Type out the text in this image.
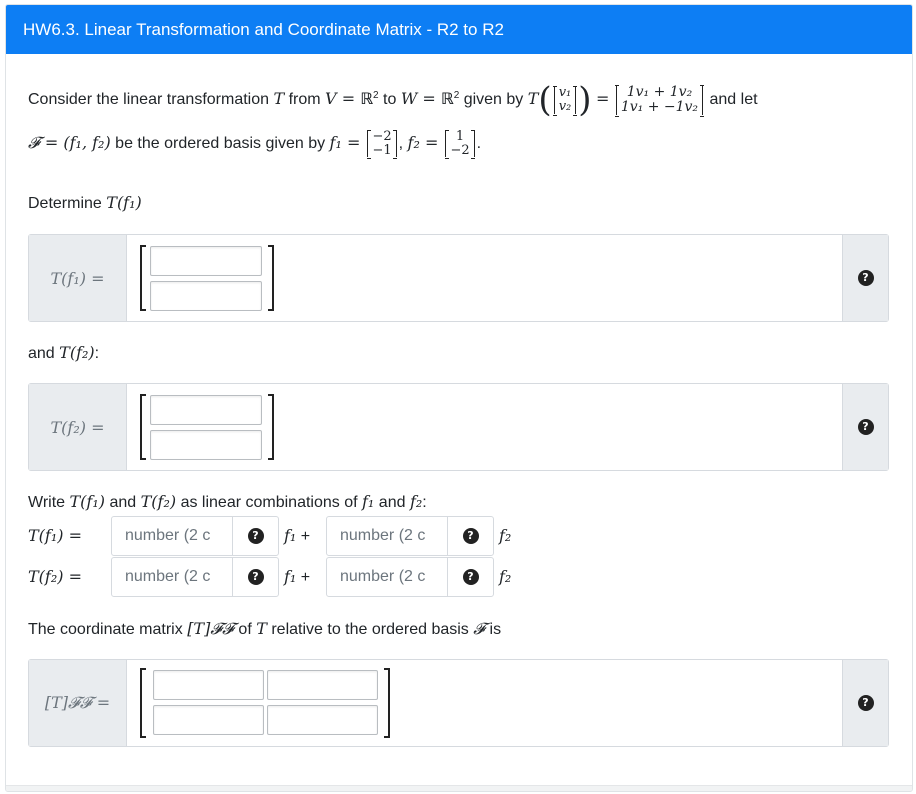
HW6.3. Linear Transformation and Coordinate Matrix - R2 to R2
Consider the linear transformation T from V = ℝ$^2$ to W = ℝ$^2$ given by T( v₁
v₂ ) = 1v₁ + 1v₂
1v₁ + −1v₂ and let
𝓕 = (f₁, f₂) be the ordered basis given by f₁ = −2
−1 , f₂ = 1
−2 .
Determine T(f₁)
T(f₁) =	?
and T(f₂):
T(f₂) =	?
Write T(f₁) and T(f₂) as linear combinations of f₁ and f₂:
T(f₁) =
number (2 c	?	f₁ +
number (2 c	?	f₂
T(f₂) =
number (2 c	?	f₁ +
number (2 c	?	f₂
The coordinate matrix [T]𝓕𝓕 of T relative to the ordered basis 𝓕 is
[T]𝓕𝓕 =	?
